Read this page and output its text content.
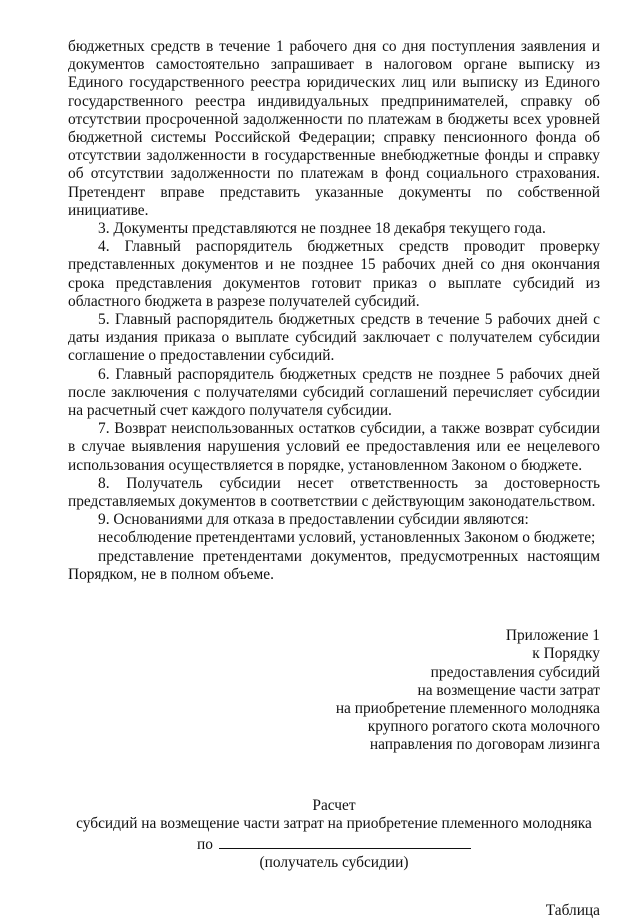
бюджетных средств в течение 1 рабочего дня со дня поступления заявления и документов самостоятельно запрашивает в налоговом органе выписку из Единого государственного реестра юридических лиц или выписку из Единого государственного реестра индивидуальных предпринимателей, справку об отсутствии просроченной задолженности по платежам в бюджеты всех уровней бюджетной системы Российской Федерации; справку пенсионного фонда об отсутствии задолженности в государственные внебюджетные фонды и справку об отсутствии задолженности по платежам в фонд социального страхования. Претендент вправе представить указанные документы по собственной инициативе.

3. Документы представляются не позднее 18 декабря текущего года.

4. Главный распорядитель бюджетных средств проводит проверку представленных документов и не позднее 15 рабочих дней со дня окончания срока представления документов готовит приказ о выплате субсидий из областного бюджета в разрезе получателей субсидий.

5. Главный распорядитель бюджетных средств в течение 5 рабочих дней с даты издания приказа о выплате субсидий заключает с получателем субсидии соглашение о предоставлении субсидий.

6. Главный распорядитель бюджетных средств не позднее 5 рабочих дней после заключения с получателями субсидий соглашений перечисляет субсидии на расчетный счет каждого получателя субсидии.

7. Возврат неиспользованных остатков субсидии, а также возврат субсидии в случае выявления нарушения условий ее предоставления или ее нецелевого использования осуществляется в порядке, установленном Законом о бюджете.

8. Получатель субсидии несет ответственность за достоверность представляемых документов в соответствии с действующим законодательством.

9. Основаниями для отказа в предоставлении субсидии являются:

несоблюдение претендентами условий, установленных Законом о бюджете;

представление претендентами документов, предусмотренных настоящим Порядком, не в полном объеме.

Приложение 1
к Порядку
предоставления субсидий
на возмещение части затрат
на приобретение племенного молодняка
крупного рогатого скота молочного
направления по договорам лизинга
Расчет
субсидий на возмещение части затрат на приобретение племенного молодняка
по
(получатель субсидии)
Таблица
